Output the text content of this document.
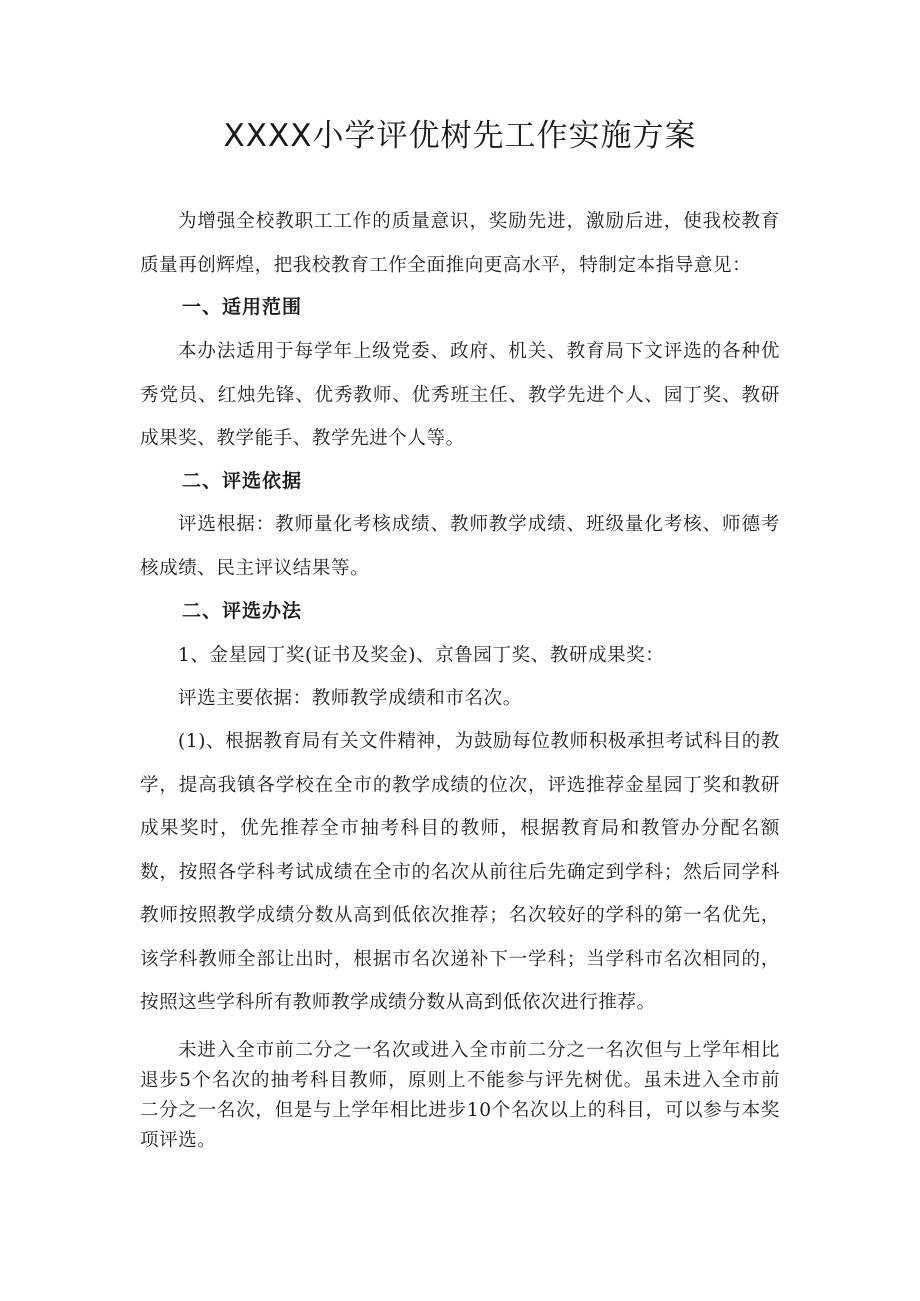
XXXX小学评优树先工作实施方案

为增强全校教职工工作的质量意识，奖励先进，激励后进，使我校教育质量再创辉煌，把我校教育工作全面推向更高水平，特制定本指导意见：

一、适用范围

本办法适用于每学年上级党委、政府、机关、教育局下文评选的各种优秀党员、红烛先锋、优秀教师、优秀班主任、教学先进个人、园丁奖、教研成果奖、教学能手、教学先进个人等。

二、评选依据

评选根据：教师量化考核成绩、教师教学成绩、班级量化考核、师德考核成绩、民主评议结果等。

二、评选办法

1、金星园丁奖(证书及奖金)、京鲁园丁奖、教研成果奖：

评选主要依据：教师教学成绩和市名次。

(1)、根据教育局有关文件精神，为鼓励每位教师积极承担考试科目的教学，提高我镇各学校在全市的教学成绩的位次，评选推荐金星园丁奖和教研成果奖时，优先推荐全市抽考科目的教师，根据教育局和教管办分配名额数，按照各学科考试成绩在全市的名次从前往后先确定到学科；然后同学科教师按照教学成绩分数从高到低依次推荐；名次较好的学科的第一名优先，该学科教师全部让出时，根据市名次递补下一学科；当学科市名次相同的，按照这些学科所有教师教学成绩分数从高到低依次进行推荐。

未进入全市前二分之一名次或进入全市前二分之一名次但与上学年相比退步5个名次的抽考科目教师，原则上不能参与评先树优。虽未进入全市前二分之一名次，但是与上学年相比进步10个名次以上的科目，可以参与本奖项评选。
